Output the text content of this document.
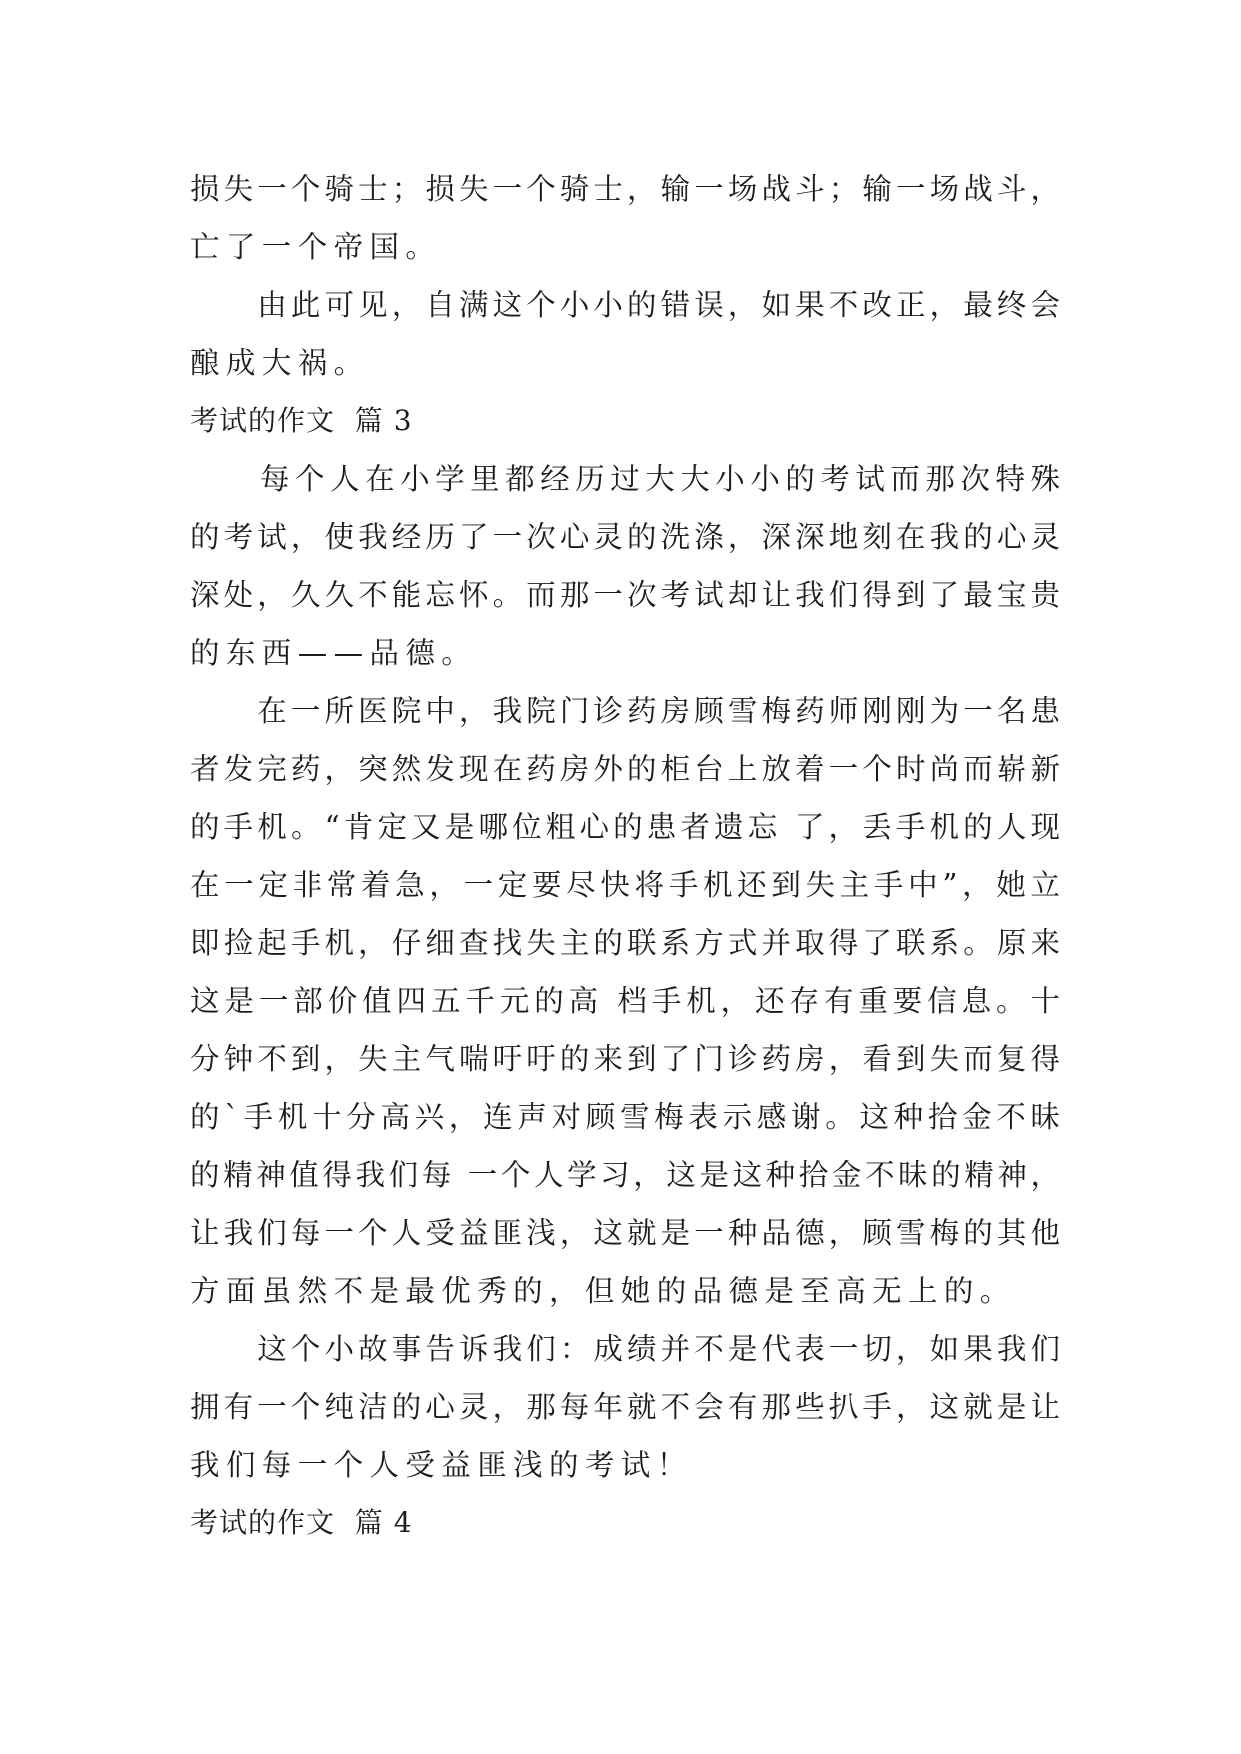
损失一个骑士；损失一个骑士，输一场战斗；输一场战斗，
亡了一个帝国。
　　由此可见，自满这个小小的错误，如果不改正，最终会
酿成大祸。
考试的作文  篇 3
　　每个人在小学里都经历过大大小小的考试而那次特殊
的考试，使我经历了一次心灵的洗涤，深深地刻在我的心灵
深处，久久不能忘怀。而那一次考试却让我们得到了最宝贵
的东西——品德。
　　在一所医院中，我院门诊药房顾雪梅药师刚刚为一名患
者发完药，突然发现在药房外的柜台上放着一个时尚而崭新
的手机。“肯定又是哪位粗心的患者遗忘 了，丢手机的人现
在一定非常着急，一定要尽快将手机还到失主手中”，她立
即捡起手机，仔细查找失主的联系方式并取得了联系。原来
这是一部价值四五千元的高 档手机，还存有重要信息。十
分钟不到，失主气喘吁吁的来到了门诊药房，看到失而复得
的`手机十分高兴，连声对顾雪梅表示感谢。这种拾金不昧
的精神值得我们每 一个人学习，这是这种拾金不昧的精神，
让我们每一个人受益匪浅，这就是一种品德，顾雪梅的其他
方面虽然不是最优秀的，但她的品德是至高无上的。
　　这个小故事告诉我们：成绩并不是代表一切，如果我们
拥有一个纯洁的心灵，那每年就不会有那些扒手，这就是让
我们每一个人受益匪浅的考试！
考试的作文  篇 4
